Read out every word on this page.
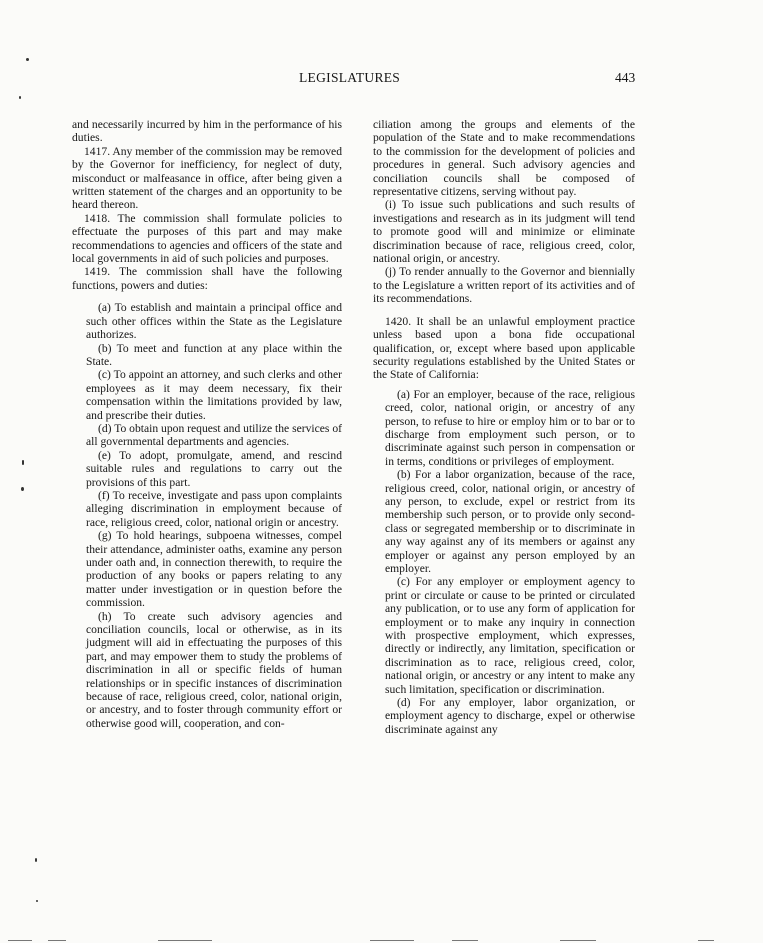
LEGISLATURES	443

and necessarily incurred by him in the performance of his duties.

1417. Any member of the commission may be removed by the Governor for inefficiency, for neglect of duty, misconduct or malfeasance in office, after being given a written statement of the charges and an opportunity to be heard thereon.

1418. The commission shall formulate policies to effectuate the purposes of this part and may make recommendations to agencies and officers of the state and local governments in aid of such policies and purposes.

1419. The commission shall have the following functions, powers and duties:

(a) To establish and maintain a principal office and such other offices within the State as the Legislature authorizes.

(b) To meet and function at any place within the State.

(c) To appoint an attorney, and such clerks and other employees as it may deem necessary, fix their compensation within the limitations provided by law, and prescribe their duties.

(d) To obtain upon request and utilize the services of all governmental departments and agencies.

(e) To adopt, promulgate, amend, and rescind suitable rules and regulations to carry out the provisions of this part.

(f) To receive, investigate and pass upon complaints alleging discrimination in employment because of race, religious creed, color, national origin or ancestry.

(g) To hold hearings, subpoena witnesses, compel their attendance, administer oaths, examine any person under oath and, in connection therewith, to require the production of any books or papers relating to any matter under investigation or in question before the commission.

(h) To create such advisory agencies and conciliation councils, local or otherwise, as in its judgment will aid in effectuating the purposes of this part, and may empower them to study the problems of discrimination in all or specific fields of human relationships or in specific instances of discrimination because of race, religious creed, color, national origin, or ancestry, and to foster through community effort or otherwise good will, cooperation, and con-

ciliation among the groups and elements of the population of the State and to make recommendations to the commission for the development of policies and procedures in general. Such advisory agencies and conciliation councils shall be composed of representative citizens, serving without pay.

(i) To issue such publications and such results of investigations and research as in its judgment will tend to promote good will and minimize or eliminate discrimination because of race, religious creed, color, national origin, or ancestry.

(j) To render annually to the Governor and biennially to the Legislature a written report of its activities and of its recommendations.

1420. It shall be an unlawful employment practice unless based upon a bona fide occupational qualification, or, except where based upon applicable security regulations established by the United States or the State of California:

(a) For an employer, because of the race, religious creed, color, national origin, or ancestry of any person, to refuse to hire or employ him or to bar or to discharge from employment such person, or to discriminate against such person in compensation or in terms, conditions or privileges of employment.

(b) For a labor organization, because of the race, religious creed, color, national origin, or ancestry of any person, to exclude, expel or restrict from its membership such person, or to provide only second-class or segregated membership or to discriminate in any way against any of its members or against any employer or against any person employed by an employer.

(c) For any employer or employment agency to print or circulate or cause to be printed or circulated any publication, or to use any form of application for employment or to make any inquiry in connection with prospective employment, which expresses, directly or indirectly, any limitation, specification or discrimination as to race, religious creed, color, national origin, or ancestry or any intent to make any such limitation, specification or discrimination.

(d) For any employer, labor organization, or employment agency to discharge, expel or otherwise discriminate against any
